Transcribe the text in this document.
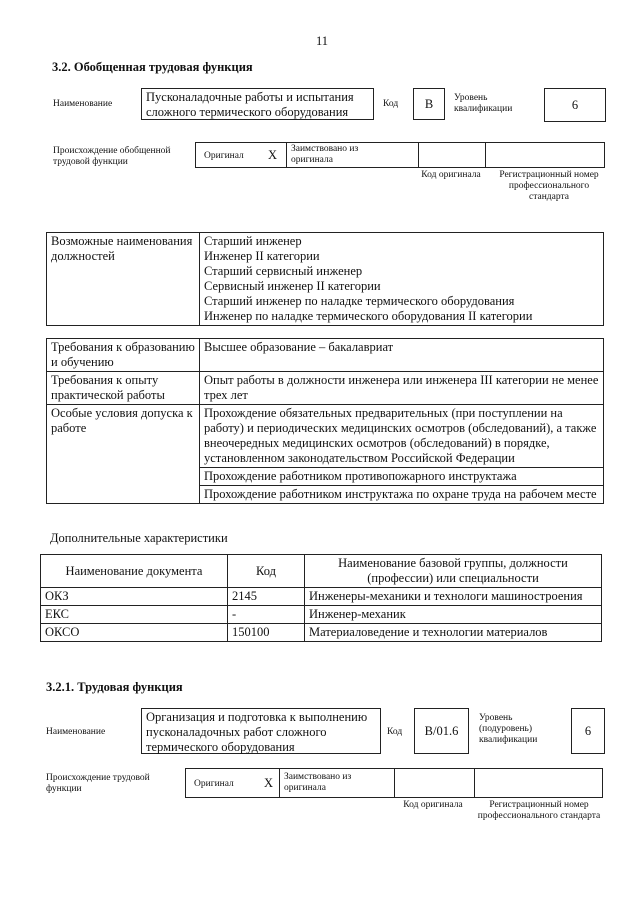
11
3.2. Обобщенная трудовая функция
Наименование	Пусконаладочные работы и испытания сложного термического оборудования
Код	B	Уровень квалификации	6
Происхождение обобщенной трудовой функции
Оригинал X Заимствовано из оригинала
Код оригинала	Регистрационный номер профессионального стандарта
Возможные наименования должностей	
Старший инженер
Инженер II категории
Старший сервисный инженер
Сервисный инженер II категории
Старший инженер по наладке термического оборудования
Инженер по наладке термического оборудования II категории
Требования к образованию и обучению	Высшее образование – бакалавриат
Требования к опыту практической работы	Опыт работы в должности инженера или инженера III категории не менее трех лет
Особые условия допуска к работе	Прохождение обязательных предварительных (при поступлении на работу) и периодических медицинских осмотров (обследований), а также внеочередных медицинских осмотров (обследований) в порядке, установленном законодательством Российской Федерации
Прохождение работником противопожарного инструктажа
Прохождение работником инструктажа по охране труда на рабочем месте
Дополнительные характеристики
Наименование документа	Код	Наименование базовой группы, должности (профессии) или специальности
ОКЗ	2145	Инженеры-механики и технологи машиностроения
ЕКС	-	Инженер-механик
ОКСО	150100	Материаловедение и технологии материалов
3.2.1. Трудовая функция
Наименование
Организация и подготовка к выполнению пусконаладочных работ сложного термического оборудования
Код	B/01.6
Уровень (подуровень) квалификации
6
Происхождение трудовой функции	Оригинал X Заимствовано из оригинала
Код оригинала	Регистрационный номер профессионального стандарта
